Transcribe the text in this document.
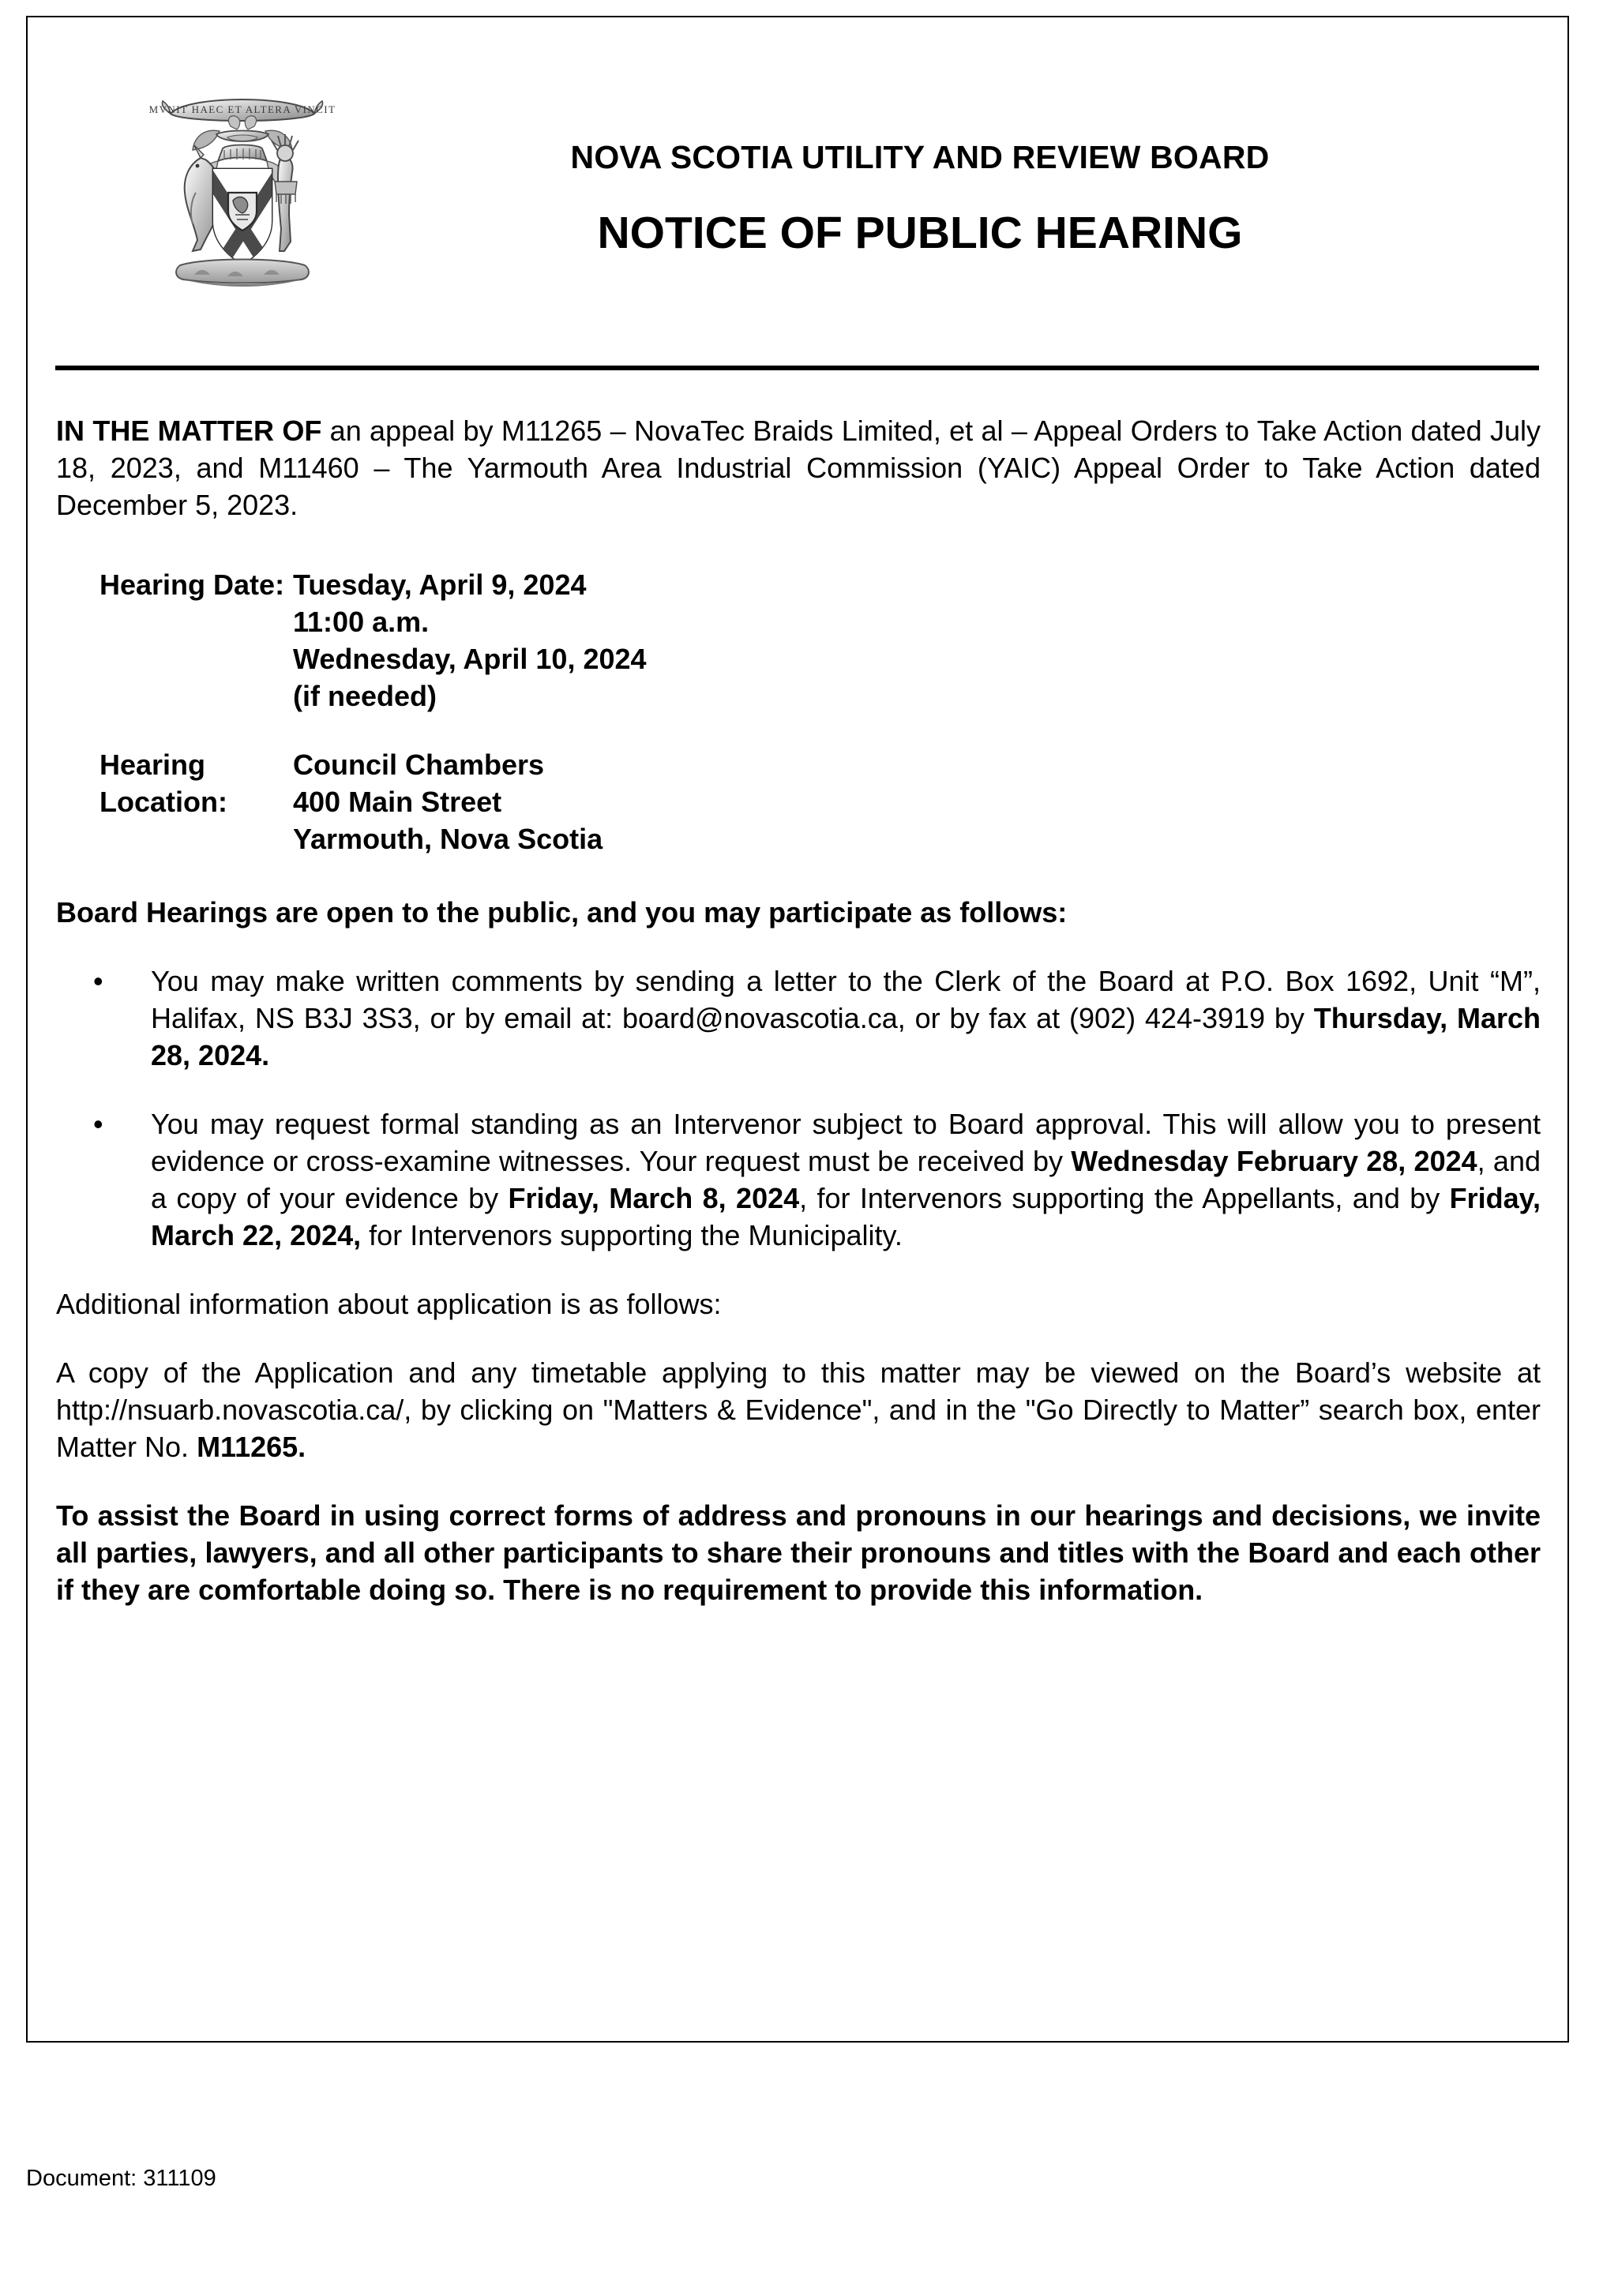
MVNIT HAEC ET ALTERA VINCIT
NOVA SCOTIA UTILITY AND REVIEW BOARD
NOTICE OF PUBLIC HEARING
IN THE MATTER OF an appeal by M11265 – NovaTec Braids Limited, et al – Appeal Orders to Take Action dated July 18, 2023, and M11460 – The Yarmouth Area Industrial Commission (YAIC) Appeal Order to Take Action dated December 5, 2023.
Hearing Date: Tuesday, April 9, 2024
11:00 a.m.
Wednesday, April 10, 2024
(if needed)
Hearing
Location:
Council Chambers
400 Main Street
Yarmouth, Nova Scotia
Board Hearings are open to the public, and you may participate as follows:
•	You may make written comments by sending a letter to the Clerk of the Board at P.O. Box 1692, Unit “M”, Halifax, NS B3J 3S3, or by email at: board@novascotia.ca, or by fax at (902) 424-3919 by Thursday, March 28, 2024.
•	You may request formal standing as an Intervenor subject to Board approval. This will allow you to present evidence or cross-examine witnesses. Your request must be received by Wednesday February 28, 2024, and a copy of your evidence by Friday, March 8, 2024, for Intervenors supporting the Appellants, and by Friday, March 22, 2024, for Intervenors supporting the Municipality.
Additional information about application is as follows:
A copy of the Application and any timetable applying to this matter may be viewed on the Board’s website at http://nsuarb.novascotia.ca/, by clicking on "Matters & Evidence", and in the "Go Directly to Matter” search box, enter Matter No. M11265.
To assist the Board in using correct forms of address and pronouns in our hearings and decisions, we invite all parties, lawyers, and all other participants to share their pronouns and titles with the Board and each other if they are comfortable doing so. There is no requirement to provide this information.
Document: 311109
